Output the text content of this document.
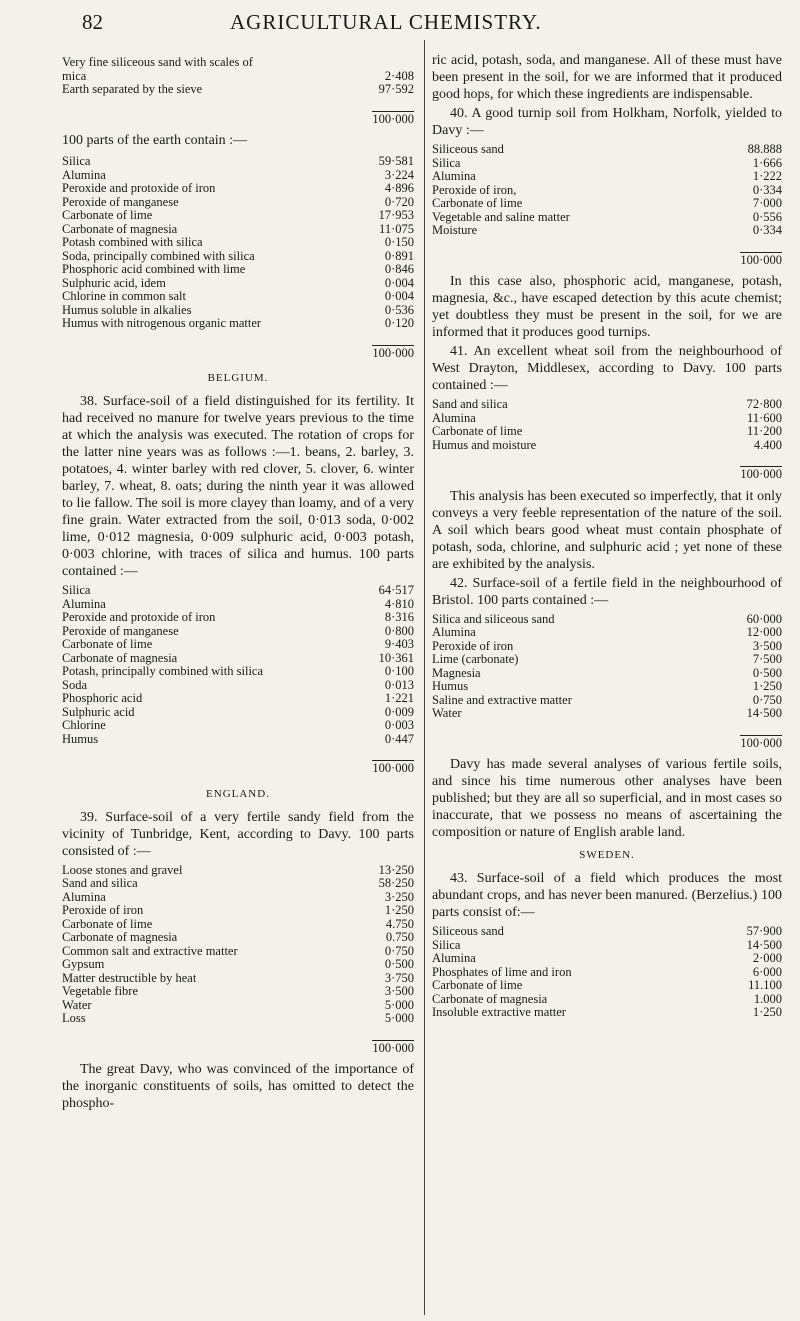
82	AGRICULTURAL CHEMISTRY.
Very fine siliceous sand with scales of	
mica	2·408
Earth separated by the sieve	97·592
	100·000

100 parts of the earth contain :—

Silica	59·581
Alumina	3·224
Peroxide and protoxide of iron	4·896
Peroxide of manganese	0·720
Carbonate of lime	17·953
Carbonate of magnesia	11·075
Potash combined with silica	0·150
Soda, principally combined with silica	0·891
Phosphoric acid combined with lime	0·846
Sulphuric acid, idem	0·004
Chlorine in common salt	0·004
Humus soluble in alkalies	0·536
Humus with nitrogenous organic matter	0·120
	100·000
BELGIUM.

38. Surface-soil of a field distinguished for its fertility. It had received no manure for twelve years previous to the time at which the analysis was executed. The rotation of crops for the latter nine years was as follows :—1. beans, 2. barley, 3. potatoes, 4. winter barley with red clover, 5. clover, 6. winter barley, 7. wheat, 8. oats; during the ninth year it was allowed to lie fallow. The soil is more clayey than loamy, and of a very fine grain. Water extracted from the soil, 0·013 soda, 0·002 lime, 0·012 magnesia, 0·009 sulphuric acid, 0·003 potash, 0·003 chlorine, with traces of silica and humus. 100 parts contained :—

Silica	64·517
Alumina	4·810
Peroxide and protoxide of iron	8·316
Peroxide of manganese	0·800
Carbonate of lime	9·403
Carbonate of magnesia	10·361
Potash, principally combined with silica	0·100
Soda	0·013
Phosphoric acid	1·221
Sulphuric acid	0·009
Chlorine	0·003
Humus	0·447
	100·000
ENGLAND.

39. Surface-soil of a very fertile sandy field from the vicinity of Tunbridge, Kent, according to Davy. 100 parts consisted of :—

Loose stones and gravel	13·250
Sand and silica	58·250
Alumina	3·250
Peroxide of iron	1·250
Carbonate of lime	4.750
Carbonate of magnesia	0.750
Common salt and extractive matter	0·750
Gypsum	0·500
Matter destructible by heat	3·750
Vegetable fibre	3·500
Water	5·000
Loss	5·000
	100·000

The great Davy, who was convinced of the importance of the inorganic constituents of soils, has omitted to detect the phospho-

ric acid, potash, soda, and manganese. All of these must have been present in the soil, for we are informed that it produced good hops, for which these ingredients are indispensable.

40. A good turnip soil from Holkham, Norfolk, yielded to Davy :—

Siliceous sand	88.888
Silica	1·666
Alumina	1·222
Peroxide of iron,	0·334
Carbonate of lime	7·000
Vegetable and saline matter	0·556
Moisture	0·334
	100·000

In this case also, phosphoric acid, manganese, potash, magnesia, &c., have escaped detection by this acute chemist; yet doubtless they must be present in the soil, for we are informed that it produces good turnips.

41. An excellent wheat soil from the neighbourhood of West Drayton, Middlesex, according to Davy. 100 parts contained :—

Sand and silica	72·800
Alumina	11·600
Carbonate of lime	11·200
Humus and moisture	4.400
	100·000

This analysis has been executed so imperfectly, that it only conveys a very feeble representation of the nature of the soil. A soil which bears good wheat must contain phosphate of potash, soda, chlorine, and sulphuric acid ; yet none of these are exhibited by the analysis.

42. Surface-soil of a fertile field in the neighbourhood of Bristol. 100 parts contained :—

Silica and siliceous sand	60·000
Alumina	12·000
Peroxide of iron	3·500
Lime (carbonate)	7·500
Magnesia	0·500
Humus	1·250
Saline and extractive matter	0·750
Water	14·500
	100·000

Davy has made several analyses of various fertile soils, and since his time numerous other analyses have been published; but they are all so superficial, and in most cases so inaccurate, that we possess no means of ascertaining the composition or nature of English arable land.

SWEDEN.

43. Surface-soil of a field which produces the most abundant crops, and has never been manured. (Berzelius.) 100 parts consist of:—

Siliceous sand	57·900
Silica	14·500
Alumina	2·000
Phosphates of lime and iron	6·000
Carbonate of lime	11.100
Carbonate of magnesia	1.000
Insoluble extractive matter	1·250
